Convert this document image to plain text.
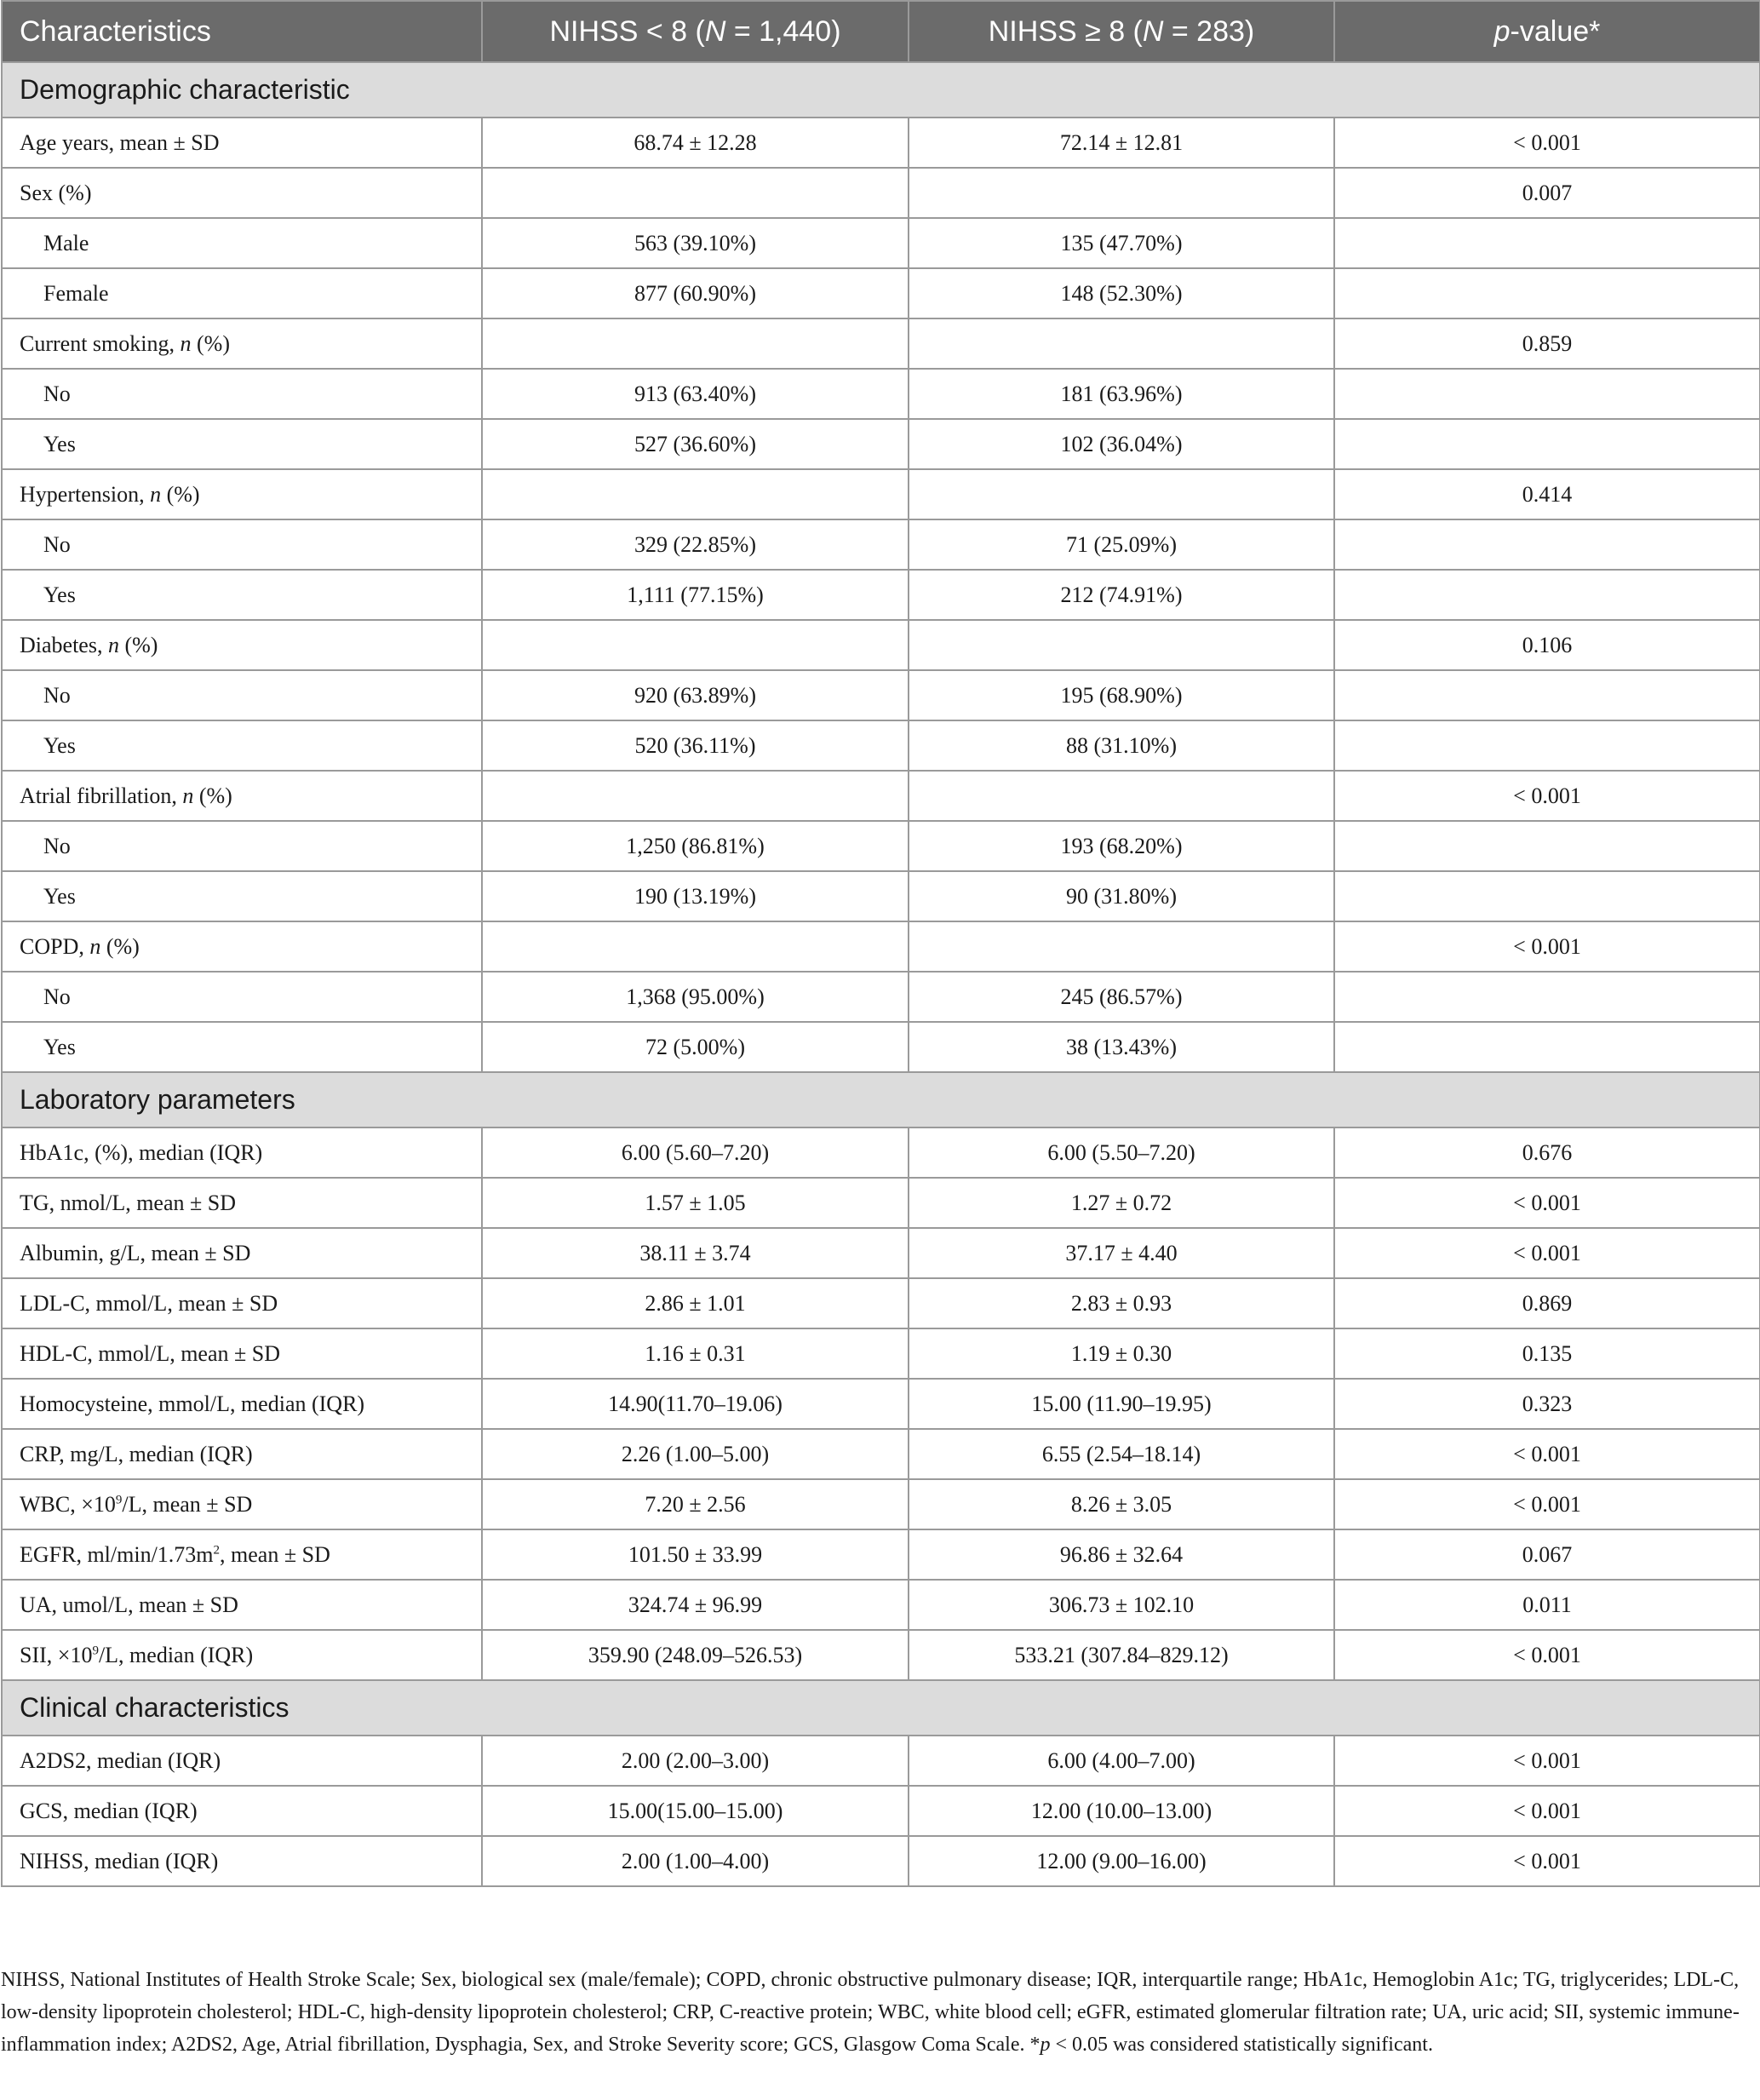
Characteristics	NIHSS < 8 (N = 1,440)	NIHSS ≥ 8 (N = 283)	p-value*
Demographic characteristic			
Age years, mean ± SD	68.74 ± 12.28	72.14 ± 12.81	< 0.001
Sex (%)			0.007
Male	563 (39.10%)	135 (47.70%)	
Female	877 (60.90%)	148 (52.30%)	
Current smoking, n (%)			0.859
No	913 (63.40%)	181 (63.96%)	
Yes	527 (36.60%)	102 (36.04%)	
Hypertension, n (%)			0.414
No	329 (22.85%)	71 (25.09%)	
Yes	1,111 (77.15%)	212 (74.91%)	
Diabetes, n (%)			0.106
No	920 (63.89%)	195 (68.90%)	
Yes	520 (36.11%)	88 (31.10%)	
Atrial fibrillation, n (%)			< 0.001
No	1,250 (86.81%)	193 (68.20%)	
Yes	190 (13.19%)	90 (31.80%)	
COPD, n (%)			< 0.001
No	1,368 (95.00%)	245 (86.57%)	
Yes	72 (5.00%)	38 (13.43%)	
Laboratory parameters			
HbA1c, (%), median (IQR)	6.00 (5.60–7.20)	6.00 (5.50–7.20)	0.676
TG, nmol/L, mean ± SD	1.57 ± 1.05	1.27 ± 0.72	< 0.001
Albumin, g/L, mean ± SD	38.11 ± 3.74	37.17 ± 4.40	< 0.001
LDL-C, mmol/L, mean ± SD	2.86 ± 1.01	2.83 ± 0.93	0.869
HDL-C, mmol/L, mean ± SD	1.16 ± 0.31	1.19 ± 0.30	0.135
Homocysteine, mmol/L, median (IQR)	14.90(11.70–19.06)	15.00 (11.90–19.95)	0.323
CRP, mg/L, median (IQR)	2.26 (1.00–5.00)	6.55 (2.54–18.14)	< 0.001
WBC, $\times 10^9/L$, mean ± SD	7.20 ± 2.56	8.26 ± 3.05	< 0.001
EGFR, $ml/\min/1.73m^2$, mean ± SD	101.50 ± 33.99	96.86 ± 32.64	0.067
UA, umol/L, mean ± SD	324.74 ± 96.99	306.73 ± 102.10	0.011
SII, $\times 10^9/L$, median (IQR)	359.90 (248.09–526.53)	533.21 (307.84–829.12)	< 0.001
Clinical characteristics			
A2DS2, median (IQR)	2.00 (2.00–3.00)	6.00 (4.00–7.00)	< 0.001
GCS, median (IQR)	15.00(15.00–15.00)	12.00 (10.00–13.00)	< 0.001
NIHSS, median (IQR)	2.00 (1.00–4.00)	12.00 (9.00–16.00)	< 0.001

NIHSS, National Institutes of Health Stroke Scale; Sex, biological sex (male/female); COPD, chronic obstructive pulmonary disease; IQR, interquartile range; HbA1c, Hemoglobin A1c; TG, triglycerides; LDL-C, low-density lipoprotein cholesterol; HDL-C, high-density lipoprotein cholesterol; CRP, C-reactive protein; WBC, white blood cell; eGFR, estimated glomerular filtration rate; UA, uric acid; SII, systemic immune-inflammation index; A2DS2, Age, Atrial fibrillation, Dysphagia, Sex, and Stroke Severity score; GCS, Glasgow Coma Scale. *p < 0.05 was considered statistically significant.
